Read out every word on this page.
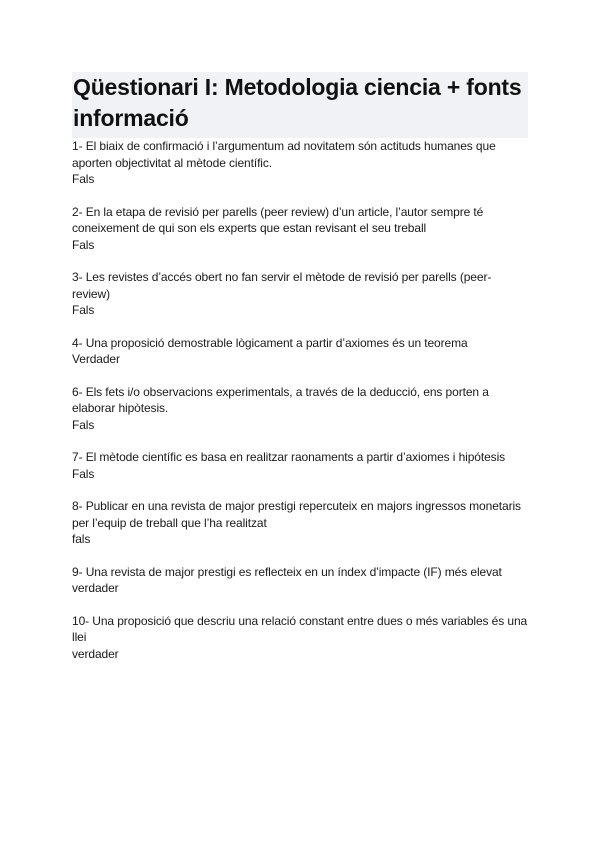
Qüestionari I: Metodologia ciencia + fonts informació
1- El biaix de confirmació i l’argumentum ad novitatem són actituds humanes que aporten objectivitat al mètode científic.
Fals
2- En la etapa de revisió per parells (peer review) d’un article, l’autor sempre té coneixement de qui son els experts que estan revisant el seu treball
Fals
3- Les revistes d’accés obert no fan servir el mètode de revisió per parells (peer-review)
Fals
4- Una proposició demostrable lògicament a partir d’axiomes és un teorema
Verdader
6- Els fets i/o observacions experimentals, a través de la deducció, ens porten a elaborar hipòtesis.
Fals
7- El mètode científic es basa en realitzar raonaments a partir d’axiomes i hipótesis
Fals
8- Publicar en una revista de major prestigi repercuteix en majors ingressos monetaris per l’equip de treball que l’ha realitzat
fals
9- Una revista de major prestigi es reflecteix en un índex d’impacte (IF) més elevat
verdader
10- Una proposició que descriu una relació constant entre dues o més variables és una llei
verdader
